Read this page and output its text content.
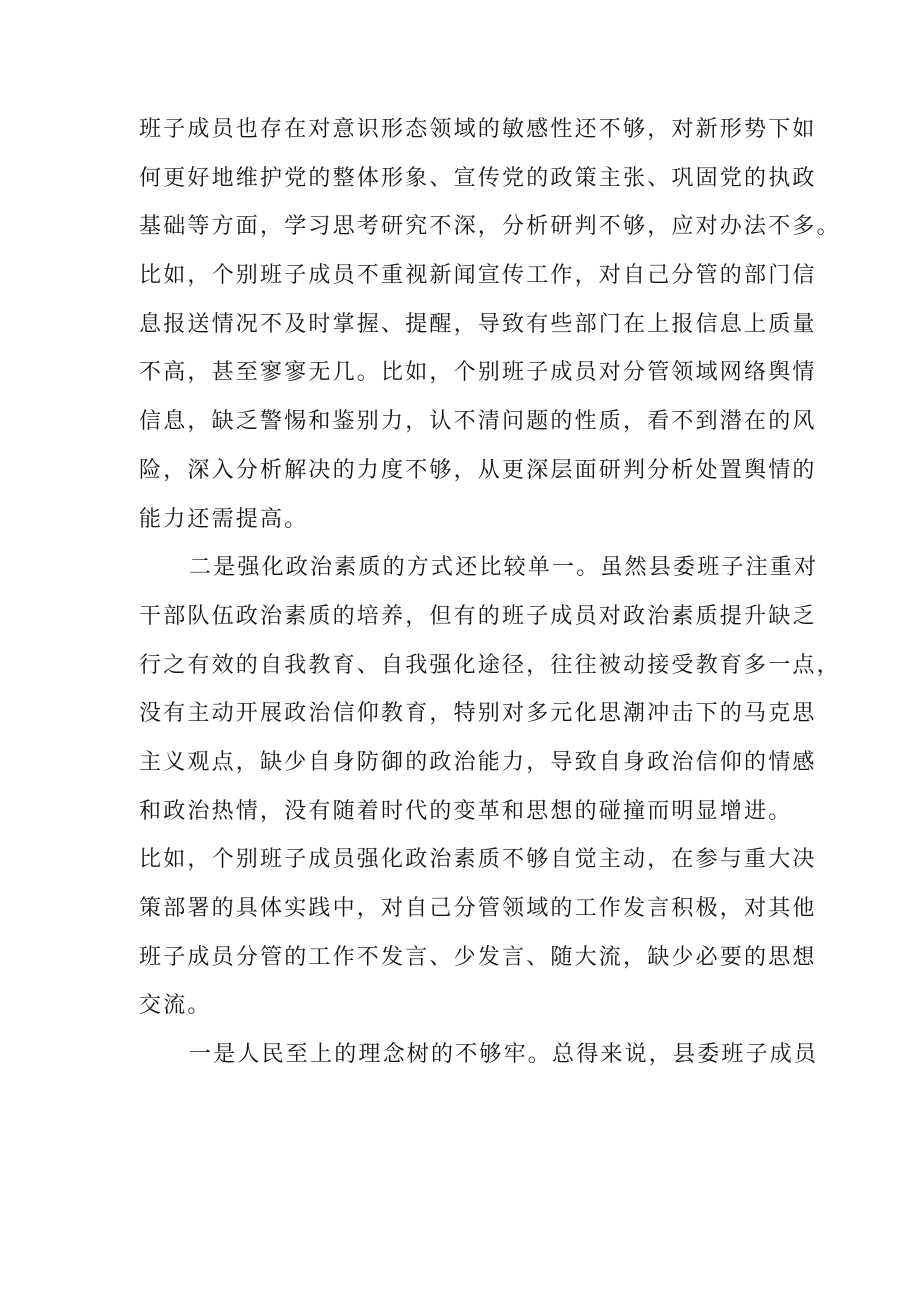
班子成员也存在对意识形态领域的敏感性还不够，对新形势下如
何更好地维护党的整体形象、宣传党的政策主张、巩固党的执政
基础等方面，学习思考研究不深，分析研判不够，应对办法不多。
比如，个别班子成员不重视新闻宣传工作，对自己分管的部门信
息报送情况不及时掌握、提醒，导致有些部门在上报信息上质量
不高，甚至寥寥无几。比如，个别班子成员对分管领域网络舆情
信息，缺乏警惕和鉴别力，认不清问题的性质，看不到潜在的风
险，深入分析解决的力度不够，从更深层面研判分析处置舆情的
能力还需提高。
二是强化政治素质的方式还比较单一。虽然县委班子注重对
干部队伍政治素质的培养，但有的班子成员对政治素质提升缺乏
行之有效的自我教育、自我强化途径，往往被动接受教育多一点，
没有主动开展政治信仰教育，特别对多元化思潮冲击下的马克思
主义观点，缺少自身防御的政治能力，导致自身政治信仰的情感
和政治热情，没有随着时代的变革和思想的碰撞而明显增进。
比如，个别班子成员强化政治素质不够自觉主动，在参与重大决
策部署的具体实践中，对自己分管领域的工作发言积极，对其他
班子成员分管的工作不发言、少发言、随大流，缺少必要的思想
交流。
一是人民至上的理念树的不够牢。总得来说，县委班子成员
